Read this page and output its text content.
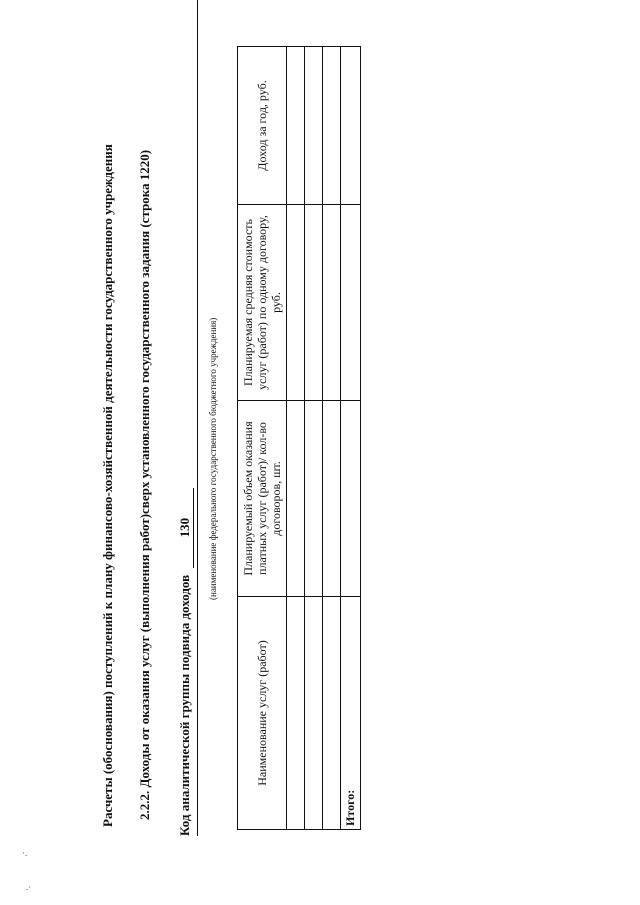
Расчеты (обоснования) поступлений к плану финансово-хозяйственной деятельности государственного учреждения 2.2.2. Доходы от оказания услуг (выполнения работ)сверх установленного государственного задания (строка 1220) Код аналитической группы подвида доходов 130 (наименование федерального государственного бюджетного учреждения)
Наименование услуг (работ)	Планируемый объем оказания платных услуг (работ)/ кол-во договоров, шт.	Планируемая средняя стоимость услуг (работ) по одному договору, руб.	Доход за год, руб.

Итого:			
·.
.·
